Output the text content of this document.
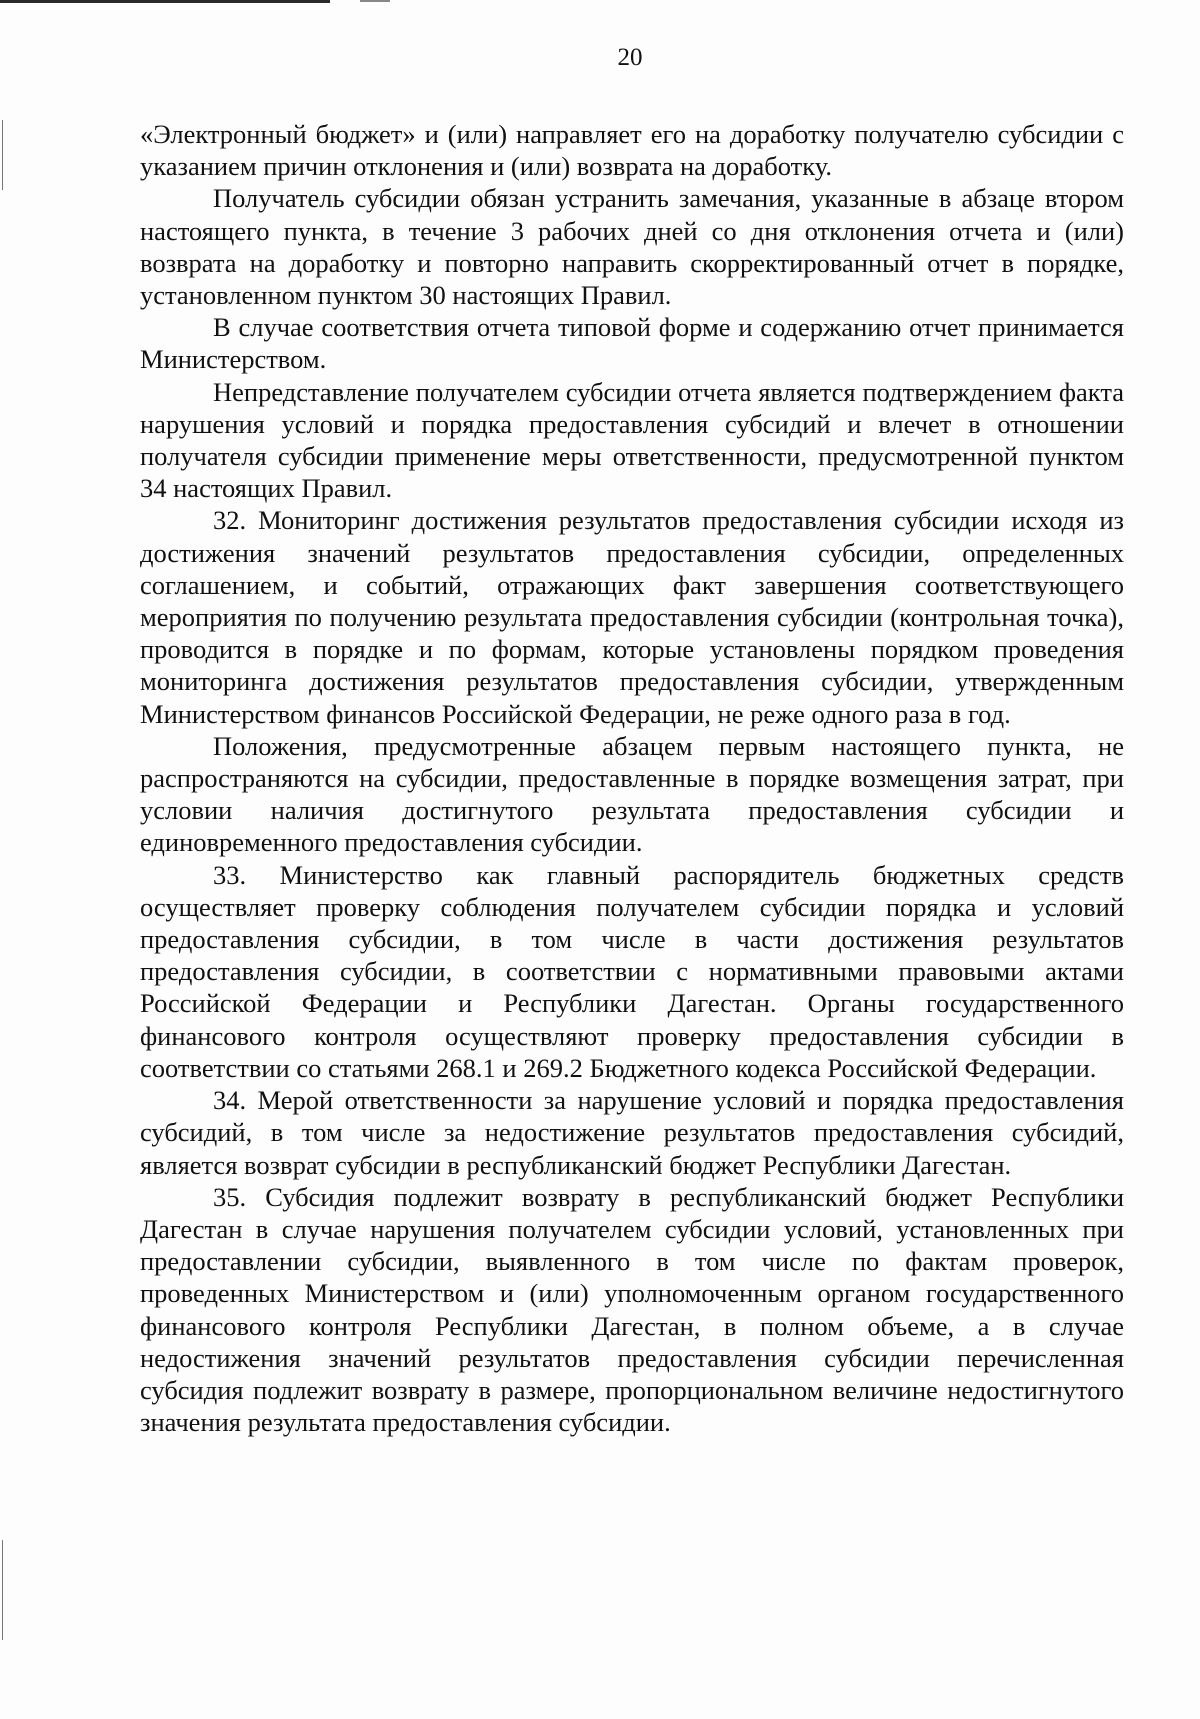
20

«Электронный бюджет» и (или) направляет его на доработку получателю субсидии с указанием причин отклонения и (или) возврата на доработку.

Получатель субсидии обязан устранить замечания, указанные в абзаце втором настоящего пункта, в течение 3 рабочих дней со дня отклонения отчета и (или) возврата на доработку и повторно направить скорректированный отчет в порядке, установленном пунктом 30 настоящих Правил.

В случае соответствия отчета типовой форме и содержанию отчет принимается Министерством.

Непредставление получателем субсидии отчета является подтверждением факта нарушения условий и порядка предоставления субсидий и влечет в отношении получателя субсидии применение меры ответственности, предусмотренной пунктом 34 настоящих Правил.

32. Мониторинг достижения результатов предоставления субсидии исходя из достижения значений результатов предоставления субсидии, определенных соглашением, и событий, отражающих факт завершения соответствующего мероприятия по получению результата предоставления субсидии (контрольная точка), проводится в порядке и по формам, которые установлены порядком проведения мониторинга достижения результатов предоставления субсидии, утвержденным Министерством финансов Российской Федерации, не реже одного раза в год.

Положения, предусмотренные абзацем первым настоящего пункта, не распространяются на субсидии, предоставленные в порядке возмещения затрат, при условии наличия достигнутого результата предоставления субсидии и единовременного предоставления субсидии.

33. Министерство как главный распорядитель бюджетных средств осуществляет проверку соблюдения получателем субсидии порядка и условий предоставления субсидии, в том числе в части достижения результатов предоставления субсидии, в соответствии с нормативными правовыми актами Российской Федерации и Республики Дагестан. Органы государственного финансового контроля осуществляют проверку предоставления субсидии в соответствии со статьями 268.1 и 269.2 Бюджетного кодекса Российской Федерации.

34. Мерой ответственности за нарушение условий и порядка предоставления субсидий, в том числе за недостижение результатов предоставления субсидий, является возврат субсидии в республиканский бюджет Республики Дагестан.

35. Субсидия подлежит возврату в республиканский бюджет Республики Дагестан в случае нарушения получателем субсидии условий, установленных при предоставлении субсидии, выявленного в том числе по фактам проверок, проведенных Министерством и (или) уполномоченным органом государственного финансового контроля Республики Дагестан, в полном объеме, а в случае недостижения значений результатов предоставления субсидии перечисленная субсидия подлежит возврату в размере, пропорциональном величине недостигнутого значения результата предоставления субсидии.
